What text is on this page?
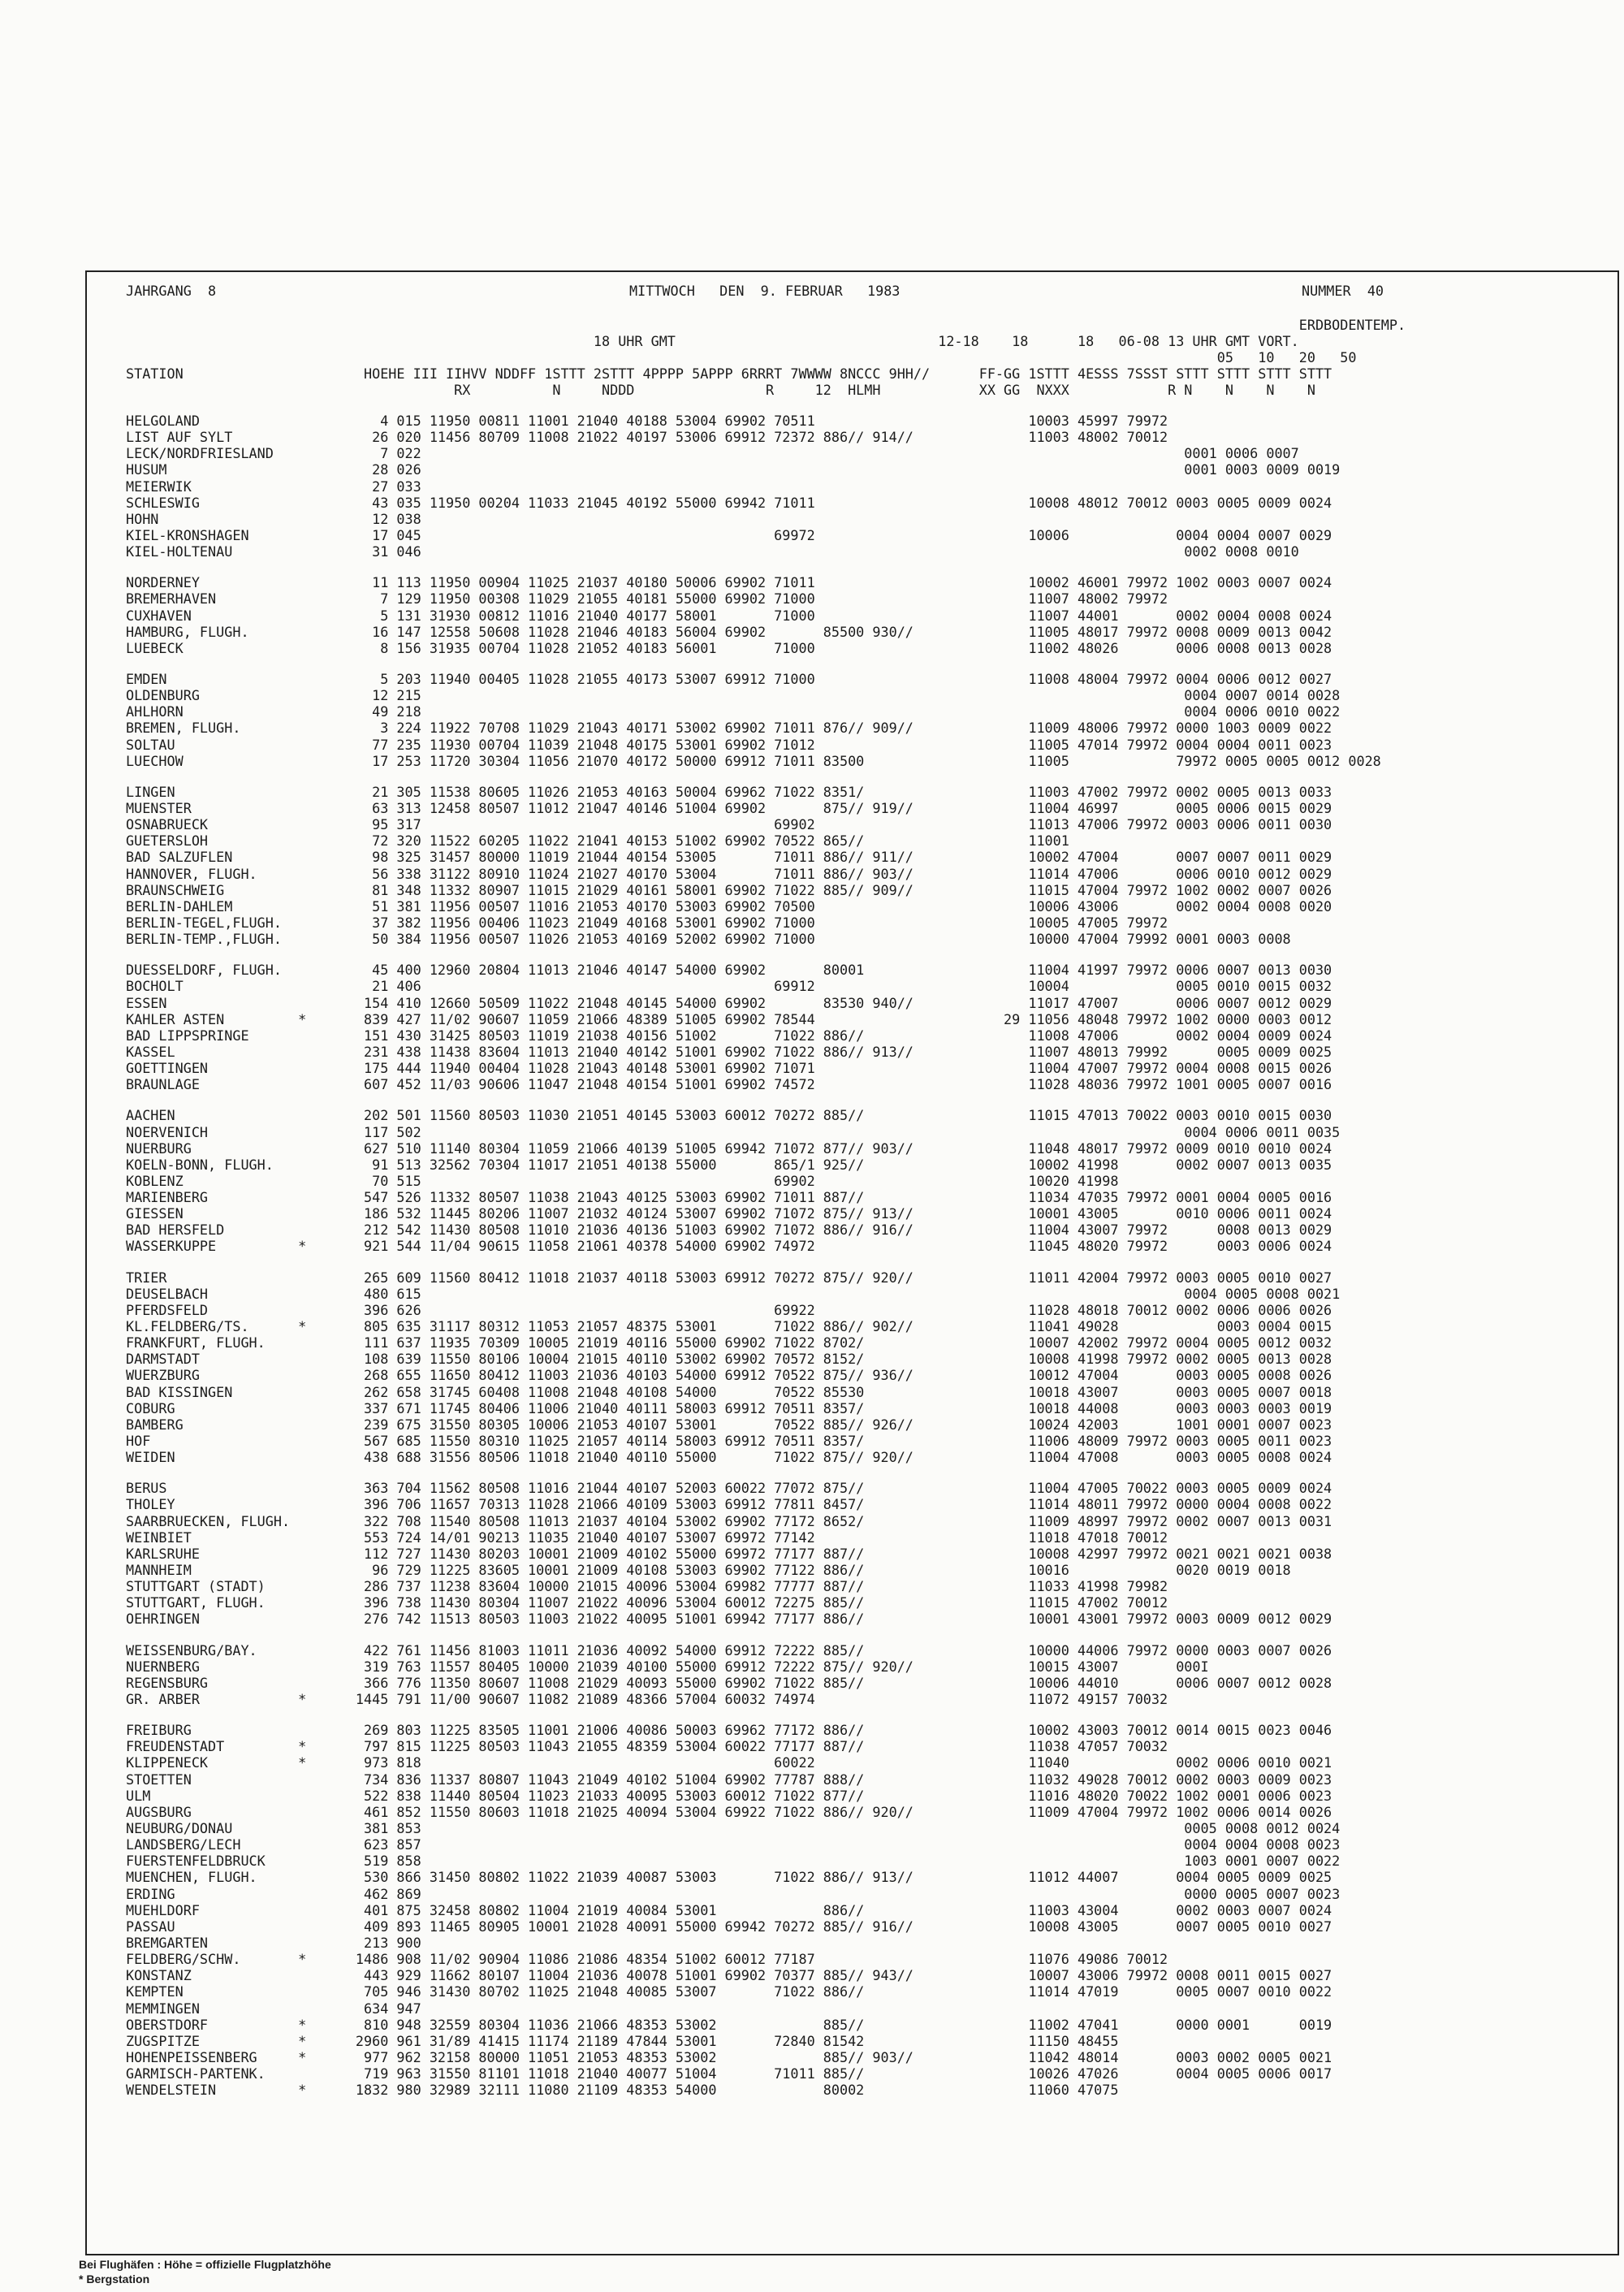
JAHRGANG  8	MITTWOCH   DEN  9. FEBRUAR   1983	NUMMER  40
ERDBODENTEMP.
18 UHR GMT                                12-18    18      18   06-08 13 UHR GMT VORT.
05   10   20   50
STATION                      HOEHE III IIHVV NDDFF 1STTT 2STTT 4PPPP 5APPP 6RRRT 7WWWW 8NCCC 9HH//      FF-GG 1STTT 4ESSS 7SSST STTT STTT STTT STTT
RX          N     NDDD                R     12  HLMH            XX GG  NXXX            R N    N    N    N
HELGOLAND                      4 015 11950 00811 11001 21040 40188 53004 69902 70511                          10003 45997 79972
LIST AUF SYLT                 26 020 11456 80709 11008 21022 40197 53006 69912 72372 886// 914//              11003 48002 70012
LECK/NORDFRIESLAND             7 022                                                                                             0001 0006 0007
HUSUM                         28 026                                                                                             0001 0003 0009 0019
MEIERWIK                      27 033
SCHLESWIG                     43 035 11950 00204 11033 21045 40192 55000 69942 71011                          10008 48012 70012 0003 0005 0009 0024
HOHN                          12 038
KIEL-KRONSHAGEN               17 045                                           69972                          10006             0004 0004 0007 0029
KIEL-HOLTENAU                 31 046                                                                                             0002 0008 0010
NORDERNEY                     11 113 11950 00904 11025 21037 40180 50006 69902 71011                          10002 46001 79972 1002 0003 0007 0024
BREMERHAVEN                    7 129 11950 00308 11029 21055 40181 55000 69902 71000                          11007 48002 79972
CUXHAVEN                       5 131 31930 00812 11016 21040 40177 58001       71000                          11007 44001       0002 0004 0008 0024
HAMBURG, FLUGH.               16 147 12558 50608 11028 21046 40183 56004 69902       85500 930//              11005 48017 79972 0008 0009 0013 0042
LUEBECK                        8 156 31935 00704 11028 21052 40183 56001       71000                          11002 48026       0006 0008 0013 0028
EMDEN                          5 203 11940 00405 11028 21055 40173 53007 69912 71000                          11008 48004 79972 0004 0006 0012 0027
OLDENBURG                     12 215                                                                                             0004 0007 0014 0028
AHLHORN                       49 218                                                                                             0004 0006 0010 0022
BREMEN, FLUGH.                 3 224 11922 70708 11029 21043 40171 53002 69902 71011 876// 909//              11009 48006 79972 0000 1003 0009 0022
SOLTAU                        77 235 11930 00704 11039 21048 40175 53001 69902 71012                          11005 47014 79972 0004 0004 0011 0023
LUECHOW                       17 253 11720 30304 11056 21070 40172 50000 69912 71011 83500                    11005             79972 0005 0005 0012 0028
LINGEN                        21 305 11538 80605 11026 21053 40163 50004 69962 71022 8351/                    11003 47002 79972 0002 0005 0013 0033
MUENSTER                      63 313 12458 80507 11012 21047 40146 51004 69902       875// 919//              11004 46997       0005 0006 0015 0029
OSNABRUECK                    95 317                                           69902                          11013 47006 79972 0003 0006 0011 0030
GUETERSLOH                    72 320 11522 60205 11022 21041 40153 51002 69902 70522 865//                    11001
BAD SALZUFLEN                 98 325 31457 80000 11019 21044 40154 53005       71011 886// 911//              10002 47004       0007 0007 0011 0029
HANNOVER, FLUGH.              56 338 31122 80910 11024 21027 40170 53004       71011 886// 903//              11014 47006       0006 0010 0012 0029
BRAUNSCHWEIG                  81 348 11332 80907 11015 21029 40161 58001 69902 71022 885// 909//              11015 47004 79972 1002 0002 0007 0026
BERLIN-DAHLEM                 51 381 11956 00507 11016 21053 40170 53003 69902 70500                          10006 43006       0002 0004 0008 0020
BERLIN-TEGEL,FLUGH.           37 382 11956 00406 11023 21049 40168 53001 69902 71000                          10005 47005 79972
BERLIN-TEMP.,FLUGH.           50 384 11956 00507 11026 21053 40169 52002 69902 71000                          10000 47004 79992 0001 0003 0008
DUESSELDORF, FLUGH.           45 400 12960 20804 11013 21046 40147 54000 69902       80001                    11004 41997 79972 0006 0007 0013 0030
BOCHOLT                       21 406                                           69912                          10004             0005 0010 0015 0032
ESSEN                        154 410 12660 50509 11022 21048 40145 54000 69902       83530 940//              11017 47007       0006 0007 0012 0029
KAHLER ASTEN         *       839 427 11/02 90607 11059 21066 48389 51005 69902 78544                       29 11056 48048 79972 1002 0000 0003 0012
BAD LIPPSPRINGE              151 430 31425 80503 11019 21038 40156 51002       71022 886//                    11008 47006       0002 0004 0009 0024
KASSEL                       231 438 11438 83604 11013 21040 40142 51001 69902 71022 886// 913//              11007 48013 79992      0005 0009 0025
GOETTINGEN                   175 444 11940 00404 11028 21043 40148 53001 69902 71071                          11004 47007 79972 0004 0008 0015 0026
BRAUNLAGE                    607 452 11/03 90606 11047 21048 40154 51001 69902 74572                          11028 48036 79972 1001 0005 0007 0016
AACHEN                       202 501 11560 80503 11030 21051 40145 53003 60012 70272 885//                    11015 47013 70022 0003 0010 0015 0030
NOERVENICH                   117 502                                                                                             0004 0006 0011 0035
NUERBURG                     627 510 11140 80304 11059 21066 40139 51005 69942 71072 877// 903//              11048 48017 79972 0009 0010 0010 0024
KOELN-BONN, FLUGH.            91 513 32562 70304 11017 21051 40138 55000       865/1 925//                    10002 41998       0002 0007 0013 0035
KOBLENZ                       70 515                                           69902                          10020 41998
MARIENBERG                   547 526 11332 80507 11038 21043 40125 53003 69902 71011 887//                    11034 47035 79972 0001 0004 0005 0016
GIESSEN                      186 532 11445 80206 11007 21032 40124 53007 69902 71072 875// 913//              10001 43005       0010 0006 0011 0024
BAD HERSFELD                 212 542 11430 80508 11010 21036 40136 51003 69902 71072 886// 916//              11004 43007 79972      0008 0013 0029
WASSERKUPPE          *       921 544 11/04 90615 11058 21061 40378 54000 69902 74972                          11045 48020 79972      0003 0006 0024
TRIER                        265 609 11560 80412 11018 21037 40118 53003 69912 70272 875// 920//              11011 42004 79972 0003 0005 0010 0027
DEUSELBACH                   480 615                                                                                             0004 0005 0008 0021
PFERDSFELD                   396 626                                           69922                          11028 48018 70012 0002 0006 0006 0026
KL.FELDBERG/TS.      *       805 635 31117 80312 11053 21057 48375 53001       71022 886// 902//              11041 49028            0003 0004 0015
FRANKFURT, FLUGH.            111 637 11935 70309 10005 21019 40116 55000 69902 71022 8702/                    10007 42002 79972 0004 0005 0012 0032
DARMSTADT                    108 639 11550 80106 10004 21015 40110 53002 69902 70572 8152/                    10008 41998 79972 0002 0005 0013 0028
WUERZBURG                    268 655 11650 80412 11003 21036 40103 54000 69912 70522 875// 936//              10012 47004       0003 0005 0008 0026
BAD KISSINGEN                262 658 31745 60408 11008 21048 40108 54000       70522 85530                    10018 43007       0003 0005 0007 0018
COBURG                       337 671 11745 80406 11006 21040 40111 58003 69912 70511 8357/                    10018 44008       0003 0003 0003 0019
BAMBERG                      239 675 31550 80305 10006 21053 40107 53001       70522 885// 926//              10024 42003       1001 0001 0007 0023
HOF                          567 685 11550 80310 11025 21057 40114 58003 69912 70511 8357/                    11006 48009 79972 0003 0005 0011 0023
WEIDEN                       438 688 31556 80506 11018 21040 40110 55000       71022 875// 920//              11004 47008       0003 0005 0008 0024
BERUS                        363 704 11562 80508 11016 21044 40107 52003 60022 77072 875//                    11004 47005 70022 0003 0005 0009 0024
THOLEY                       396 706 11657 70313 11028 21066 40109 53003 69912 77811 8457/                    11014 48011 79972 0000 0004 0008 0022
SAARBRUECKEN, FLUGH.         322 708 11540 80508 11013 21037 40104 53002 69902 77172 8652/                    11009 48997 79972 0002 0007 0013 0031
WEINBIET                     553 724 14/01 90213 11035 21040 40107 53007 69972 77142                          11018 47018 70012
KARLSRUHE                    112 727 11430 80203 10001 21009 40102 55000 69972 77177 887//                    10008 42997 79972 0021 0021 0021 0038
MANNHEIM                      96 729 11225 83605 10001 21009 40108 53003 69902 77122 886//                    10016             0020 0019 0018
STUTTGART (STADT)            286 737 11238 83604 10000 21015 40096 53004 69982 77777 887//                    11033 41998 79982
STUTTGART, FLUGH.            396 738 11430 80304 11007 21022 40096 53004 60012 72275 885//                    11015 47002 70012
OEHRINGEN                    276 742 11513 80503 11003 21022 40095 51001 69942 77177 886//                    10001 43001 79972 0003 0009 0012 0029
WEISSENBURG/BAY.             422 761 11456 81003 11011 21036 40092 54000 69912 72222 885//                    10000 44006 79972 0000 0003 0007 0026
NUERNBERG                    319 763 11557 80405 10000 21039 40100 55000 69912 72222 875// 920//              10015 43007       000I
REGENSBURG                   366 776 11350 80607 11008 21029 40093 55000 69902 71022 885//                    10006 44010       0006 0007 0012 0028
GR. ARBER            *      1445 791 11/00 90607 11082 21089 48366 57004 60032 74974                          11072 49157 70032
FREIBURG                     269 803 11225 83505 11001 21006 40086 50003 69962 77172 886//                    10002 43003 70012 0014 0015 0023 0046
FREUDENSTADT         *       797 815 11225 80503 11043 21055 48359 53004 60022 77177 887//                    11038 47057 70032
KLIPPENECK           *       973 818                                           60022                          11040             0002 0006 0010 0021
STOETTEN                     734 836 11337 80807 11043 21049 40102 51004 69902 77787 888//                    11032 49028 70012 0002 0003 0009 0023
ULM                          522 838 11440 80504 11023 21033 40095 53003 60012 71022 877//                    11016 48020 70022 1002 0001 0006 0023
AUGSBURG                     461 852 11550 80603 11018 21025 40094 53004 69922 71022 886// 920//              11009 47004 79972 1002 0006 0014 0026
NEUBURG/DONAU                381 853                                                                                             0005 0008 0012 0024
LANDSBERG/LECH               623 857                                                                                             0004 0004 0008 0023
FUERSTENFELDBRUCK            519 858                                                                                             1003 0001 0007 0022
MUENCHEN, FLUGH.             530 866 31450 80802 11022 21039 40087 53003       71022 886// 913//              11012 44007       0004 0005 0009 0025
ERDING                       462 869                                                                                             0000 0005 0007 0023
MUEHLDORF                    401 875 32458 80802 11004 21019 40084 53001             886//                    11003 43004       0002 0003 0007 0024
PASSAU                       409 893 11465 80905 10001 21028 40091 55000 69942 70272 885// 916//              10008 43005       0007 0005 0010 0027
BREMGARTEN                   213 900
FELDBERG/SCHW.       *      1486 908 11/02 90904 11086 21086 48354 51002 60012 77187                          11076 49086 70012
KONSTANZ                     443 929 11662 80107 11004 21036 40078 51001 69902 70377 885// 943//              10007 43006 79972 0008 0011 0015 0027
KEMPTEN                      705 946 31430 80702 11025 21048 40085 53007       71022 886//                    11014 47019       0005 0007 0010 0022
MEMMINGEN                    634 947
OBERSTDORF           *       810 948 32559 80304 11036 21066 48353 53002             885//                    11002 47041       0000 0001      0019
ZUGSPITZE            *      2960 961 31/89 41415 11174 21189 47844 53001       72840 81542                    11150 48455
HOHENPEISSENBERG     *       977 962 32158 80000 11051 21053 48353 53002             885// 903//              11042 48014       0003 0002 0005 0021
GARMISCH-PARTENK.            719 963 31550 81101 11018 21040 40077 51004       71011 885//                    10026 47026       0004 0005 0006 0017
WENDELSTEIN          *      1832 980 32989 32111 11080 21109 48353 54000             80002                    11060 47075
Bei Flughäfen : Höhe = offizielle Flugplatzhöhe
* Bergstation
